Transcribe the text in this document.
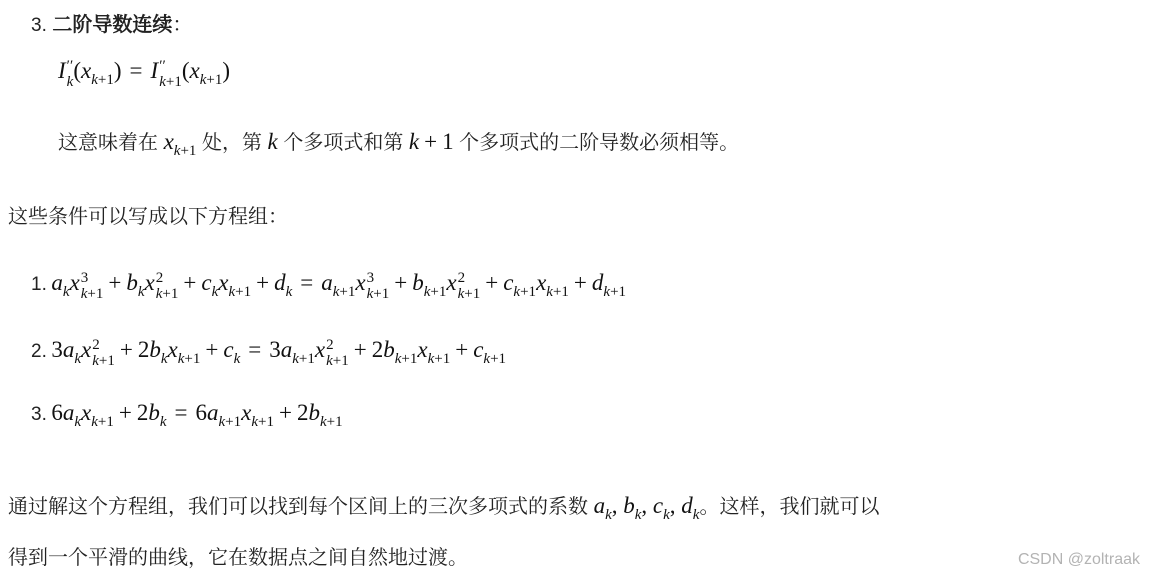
3. 二阶导数连续：
I ′′
k $(x_{k+1}) = I$ ′′
k+1 $(x_{k+1})$
这意味着在 $x_{k+1}$ 处，第 k 个多项式和第 k + 1 个多项式的二阶导数必须相等。
这些条件可以写成以下方程组：
1. $a_kx$ 3
$k+1 + b_kx$ 2
$k+1 + c_kx_{k+1} + d_k = a_{k+1}x$ 3
$k+1 + b_{k+1}x$ 2
$k+1 + c_{k+1}x_{k+1} + d_{k+1}$
2. $3a_kx$ 2
$k+1 + 2b_kx_{k+1} + c_k = 3a_{k+1}x$ 2
$k+1 + 2b_{k+1}x_{k+1} + c_{k+1}$
3. $6a_kx_{k+1} + 2b_k = 6a_{k+1}x_{k+1} + 2b_{k+1}$
通过解这个方程组，我们可以找到每个区间上的三次多项式的系数 $a_k$, $b_k$, $c_k$, $d_k$。这样，我们就可以
得到一个平滑的曲线，它在数据点之间自然地过渡。	CSDN @zoltraak
